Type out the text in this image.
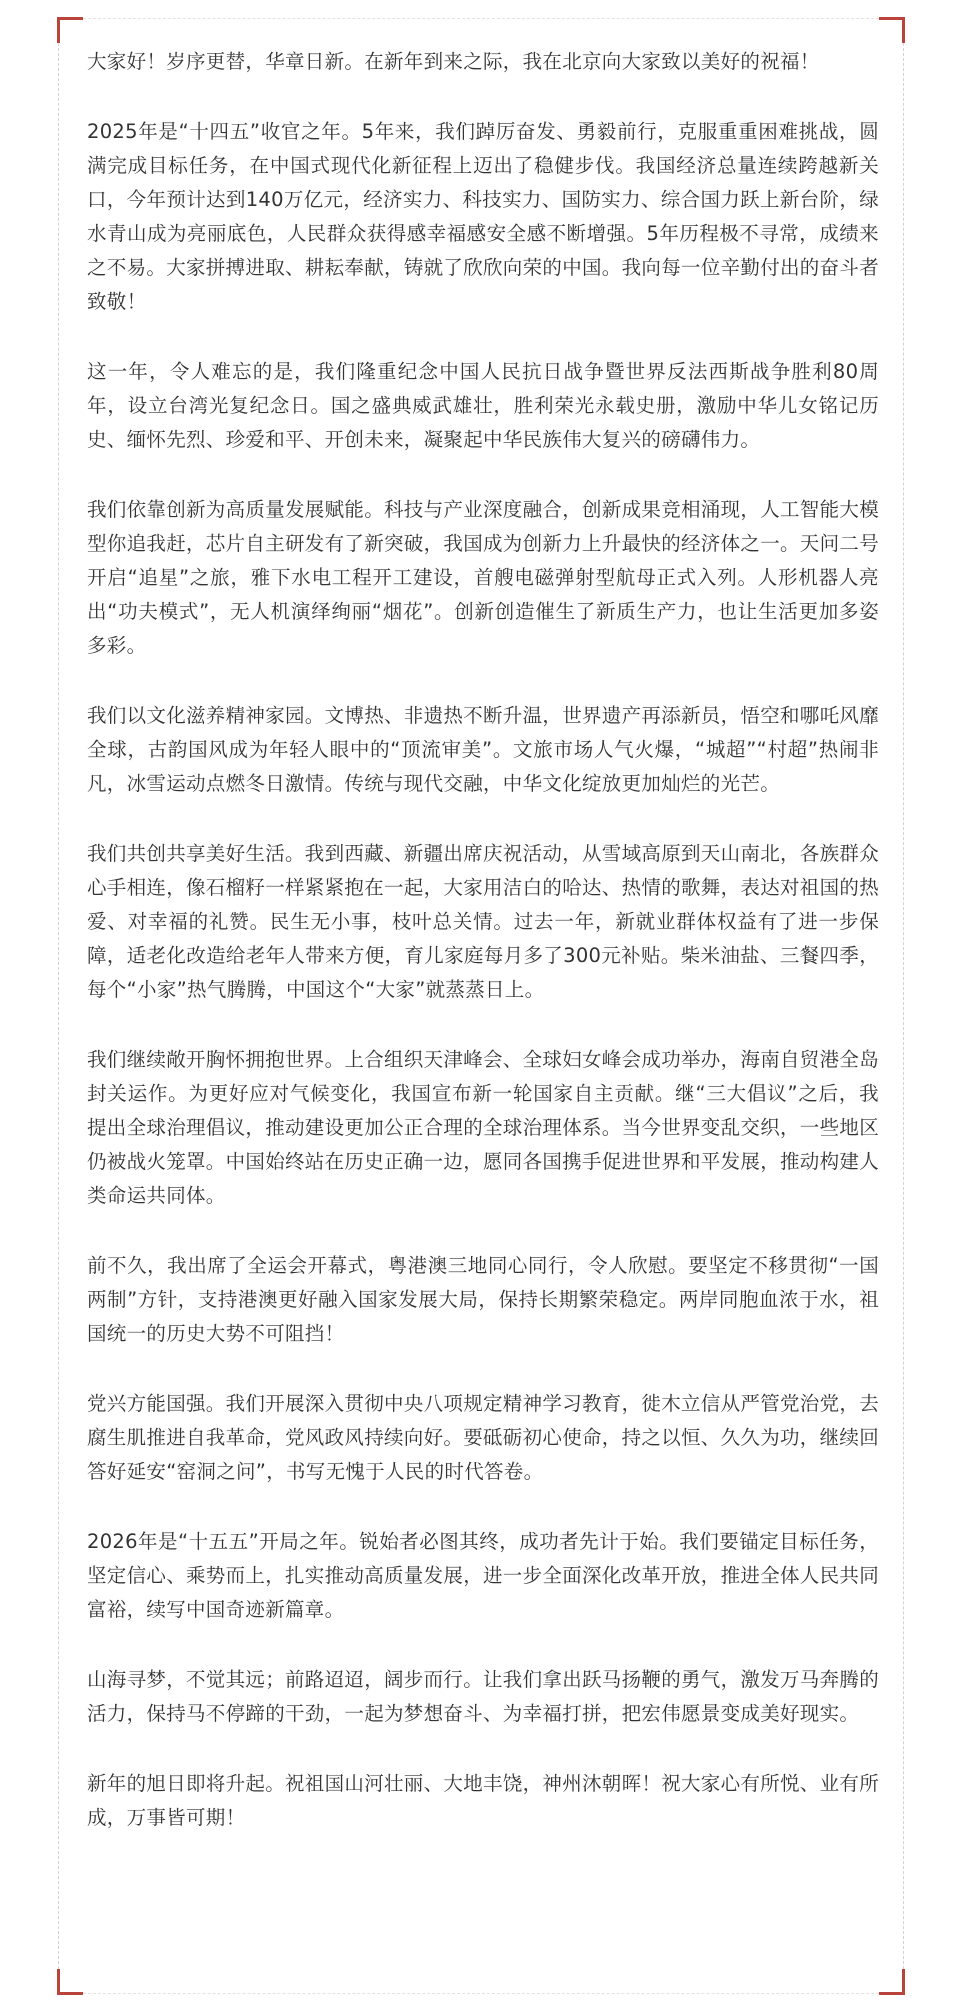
大家好！岁序更替，华章日新。在新年到来之际，我在北京向大家致以美好的祝福！

2025年是“十四五”收官之年。5年来，我们踔厉奋发、勇毅前行，克服重重困难挑战，圆满完成目标任务，在中国式现代化新征程上迈出了稳健步伐。我国经济总量连续跨越新关口，今年预计达到140万亿元，经济实力、科技实力、国防实力、综合国力跃上新台阶，绿水青山成为亮丽底色，人民群众获得感幸福感安全感不断增强。5年历程极不寻常，成绩来之不易。大家拼搏进取、耕耘奉献，铸就了欣欣向荣的中国。我向每一位辛勤付出的奋斗者致敬！

这一年，令人难忘的是，我们隆重纪念中国人民抗日战争暨世界反法西斯战争胜利80周年，设立台湾光复纪念日。国之盛典威武雄壮，胜利荣光永载史册，激励中华儿女铭记历史、缅怀先烈、珍爱和平、开创未来，凝聚起中华民族伟大复兴的磅礴伟力。

我们依靠创新为高质量发展赋能。科技与产业深度融合，创新成果竞相涌现，人工智能大模型你追我赶，芯片自主研发有了新突破，我国成为创新力上升最快的经济体之一。天问二号开启“追星”之旅，雅下水电工程开工建设，首艘电磁弹射型航母正式入列。人形机器人亮出“功夫模式”，无人机演绎绚丽“烟花”。创新创造催生了新质生产力，也让生活更加多姿多彩。

我们以文化滋养精神家园。文博热、非遗热不断升温，世界遗产再添新员，悟空和哪吒风靡全球，古韵国风成为年轻人眼中的“顶流审美”。文旅市场人气火爆，“城超”“村超”热闹非凡，冰雪运动点燃冬日激情。传统与现代交融，中华文化绽放更加灿烂的光芒。

我们共创共享美好生活。我到西藏、新疆出席庆祝活动，从雪域高原到天山南北，各族群众心手相连，像石榴籽一样紧紧抱在一起，大家用洁白的哈达、热情的歌舞，表达对祖国的热爱、对幸福的礼赞。民生无小事，枝叶总关情。过去一年，新就业群体权益有了进一步保障，适老化改造给老年人带来方便，育儿家庭每月多了300元补贴。柴米油盐、三餐四季，每个“小家”热气腾腾，中国这个“大家”就蒸蒸日上。

我们继续敞开胸怀拥抱世界。上合组织天津峰会、全球妇女峰会成功举办，海南自贸港全岛封关运作。为更好应对气候变化，我国宣布新一轮国家自主贡献。继“三大倡议”之后，我提出全球治理倡议，推动建设更加公正合理的全球治理体系。当今世界变乱交织，一些地区仍被战火笼罩。中国始终站在历史正确一边，愿同各国携手促进世界和平发展，推动构建人类命运共同体。

前不久，我出席了全运会开幕式，粤港澳三地同心同行，令人欣慰。要坚定不移贯彻“一国两制”方针，支持港澳更好融入国家发展大局，保持长期繁荣稳定。两岸同胞血浓于水，祖国统一的历史大势不可阻挡！

党兴方能国强。我们开展深入贯彻中央八项规定精神学习教育，徙木立信从严管党治党，去腐生肌推进自我革命，党风政风持续向好。要砥砺初心使命，持之以恒、久久为功，继续回答好延安“窑洞之问”，书写无愧于人民的时代答卷。

2026年是“十五五”开局之年。锐始者必图其终，成功者先计于始。我们要锚定目标任务，坚定信心、乘势而上，扎实推动高质量发展，进一步全面深化改革开放，推进全体人民共同富裕，续写中国奇迹新篇章。

山海寻梦，不觉其远；前路迢迢，阔步而行。让我们拿出跃马扬鞭的勇气，激发万马奔腾的活力，保持马不停蹄的干劲，一起为梦想奋斗、为幸福打拼，把宏伟愿景变成美好现实。

新年的旭日即将升起。祝祖国山河壮丽、大地丰饶，神州沐朝晖！祝大家心有所悦、业有所成，万事皆可期！
